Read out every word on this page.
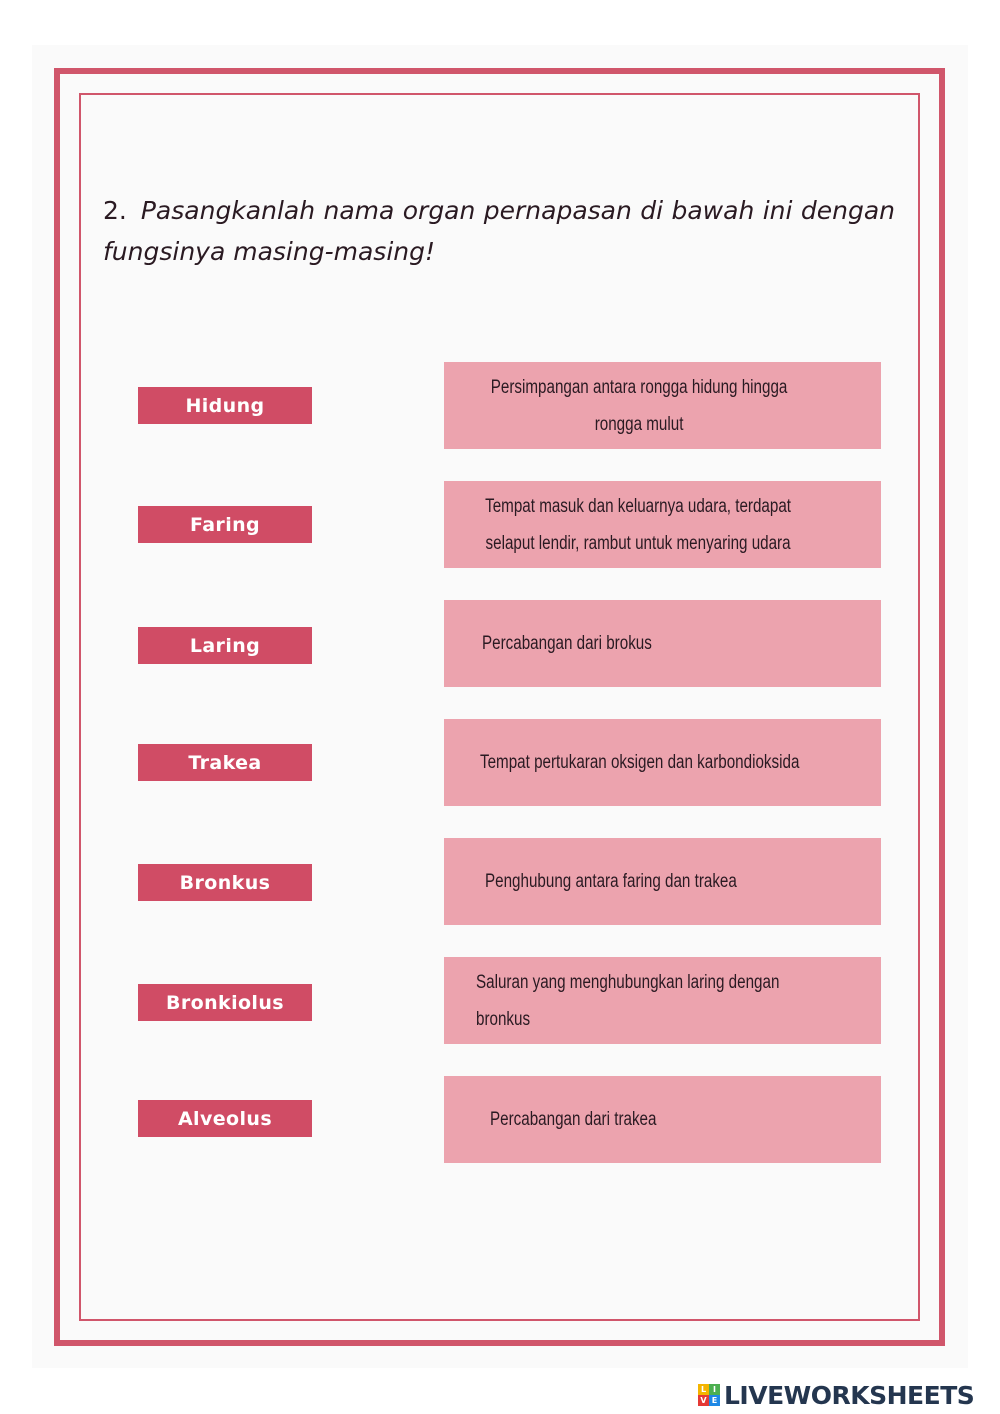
2. Pasangkanlah nama organ pernapasan di bawah ini dengan fungsinya masing-masing!
Hidung
Faring
Laring
Trakea
Bronkus
Bronkiolus
Alveolus
Persimpangan antara rongga hidung hingga rongga mulut
Tempat masuk dan keluarnya udara, terdapat selaput lendir, rambut untuk menyaring udara
Percabangan dari brokus
Tempat pertukaran oksigen dan karbondioksida
Penghubung antara faring dan trakea
Saluran yang menghubungkan laring dengan bronkus
Percabangan dari trakea
L I
V E LIVEWORKSHEETS
